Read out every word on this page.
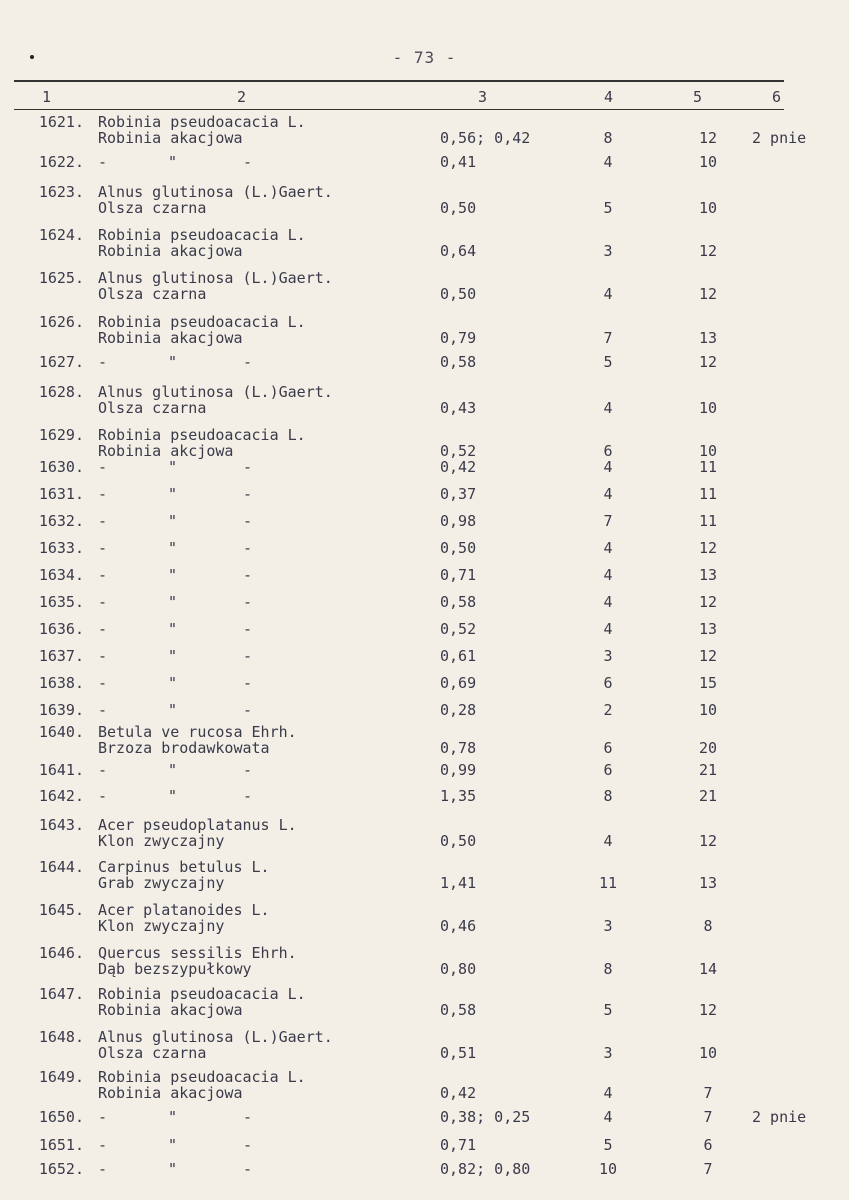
- 73 -
1	2	3	4	5	6
1621. Robinia pseudoacacia L.
Robinia akacjowa	0,56; 0,42	8	12	2 pnie
1622. -	"	-	0,41	4	10
1623. Alnus glutinosa (L.)Gaert.
Olsza czarna	0,50	5	10
1624. Robinia pseudoacacia L.
Robinia akacjowa	0,64	3	12
1625. Alnus glutinosa (L.)Gaert.
Olsza czarna	0,50	4	12
1626. Robinia pseudoacacia L.
Robinia akacjowa	0,79	7	13
1627. -	"	-	0,58	5	12
1628. Alnus glutinosa (L.)Gaert.
Olsza czarna	0,43	4	10
1629. Robinia pseudoacacia L.
Robinia akcjowa	0,52	6	10
1630. -	"	-	0,42	4	11
1631. -	"	-	0,37	4	11
1632. -	"	-	0,98	7	11
1633. -	"	-	0,50	4	12
1634. -	"	-	0,71	4	13
1635. -	"	-	0,58	4	12
1636. -	"	-	0,52	4	13
1637. -	"	-	0,61	3	12
1638. -	"	-	0,69	6	15
1639. -	"	-	0,28	2	10
1640. Betula ve rucosa Ehrh.
Brzoza brodawkowata	0,78	6	20
1641. -	"	-	0,99	6	21
1642. -	"	-	1,35	8	21
1643. Acer pseudoplatanus L.
Klon zwyczajny	0,50	4	12
1644. Carpinus betulus L.
Grab zwyczajny	1,41	11	13
1645. Acer platanoides L.
Klon zwyczajny	0,46	3	8
1646. Quercus sessilis Ehrh.
Dąb bezszypułkowy	0,80	8	14
1647. Robinia pseudoacacia L.
Robinia akacjowa	0,58	5	12
1648. Alnus glutinosa (L.)Gaert.
Olsza czarna	0,51	3	10
1649. Robinia pseudoacacia L.
Robinia akacjowa	0,42	4	7
1650. -	"	-	0,38; 0,25	4	7	2 pnie
1651. -	"	-	0,71	5	6
1652. -	"	-	0,82; 0,80	10	7
